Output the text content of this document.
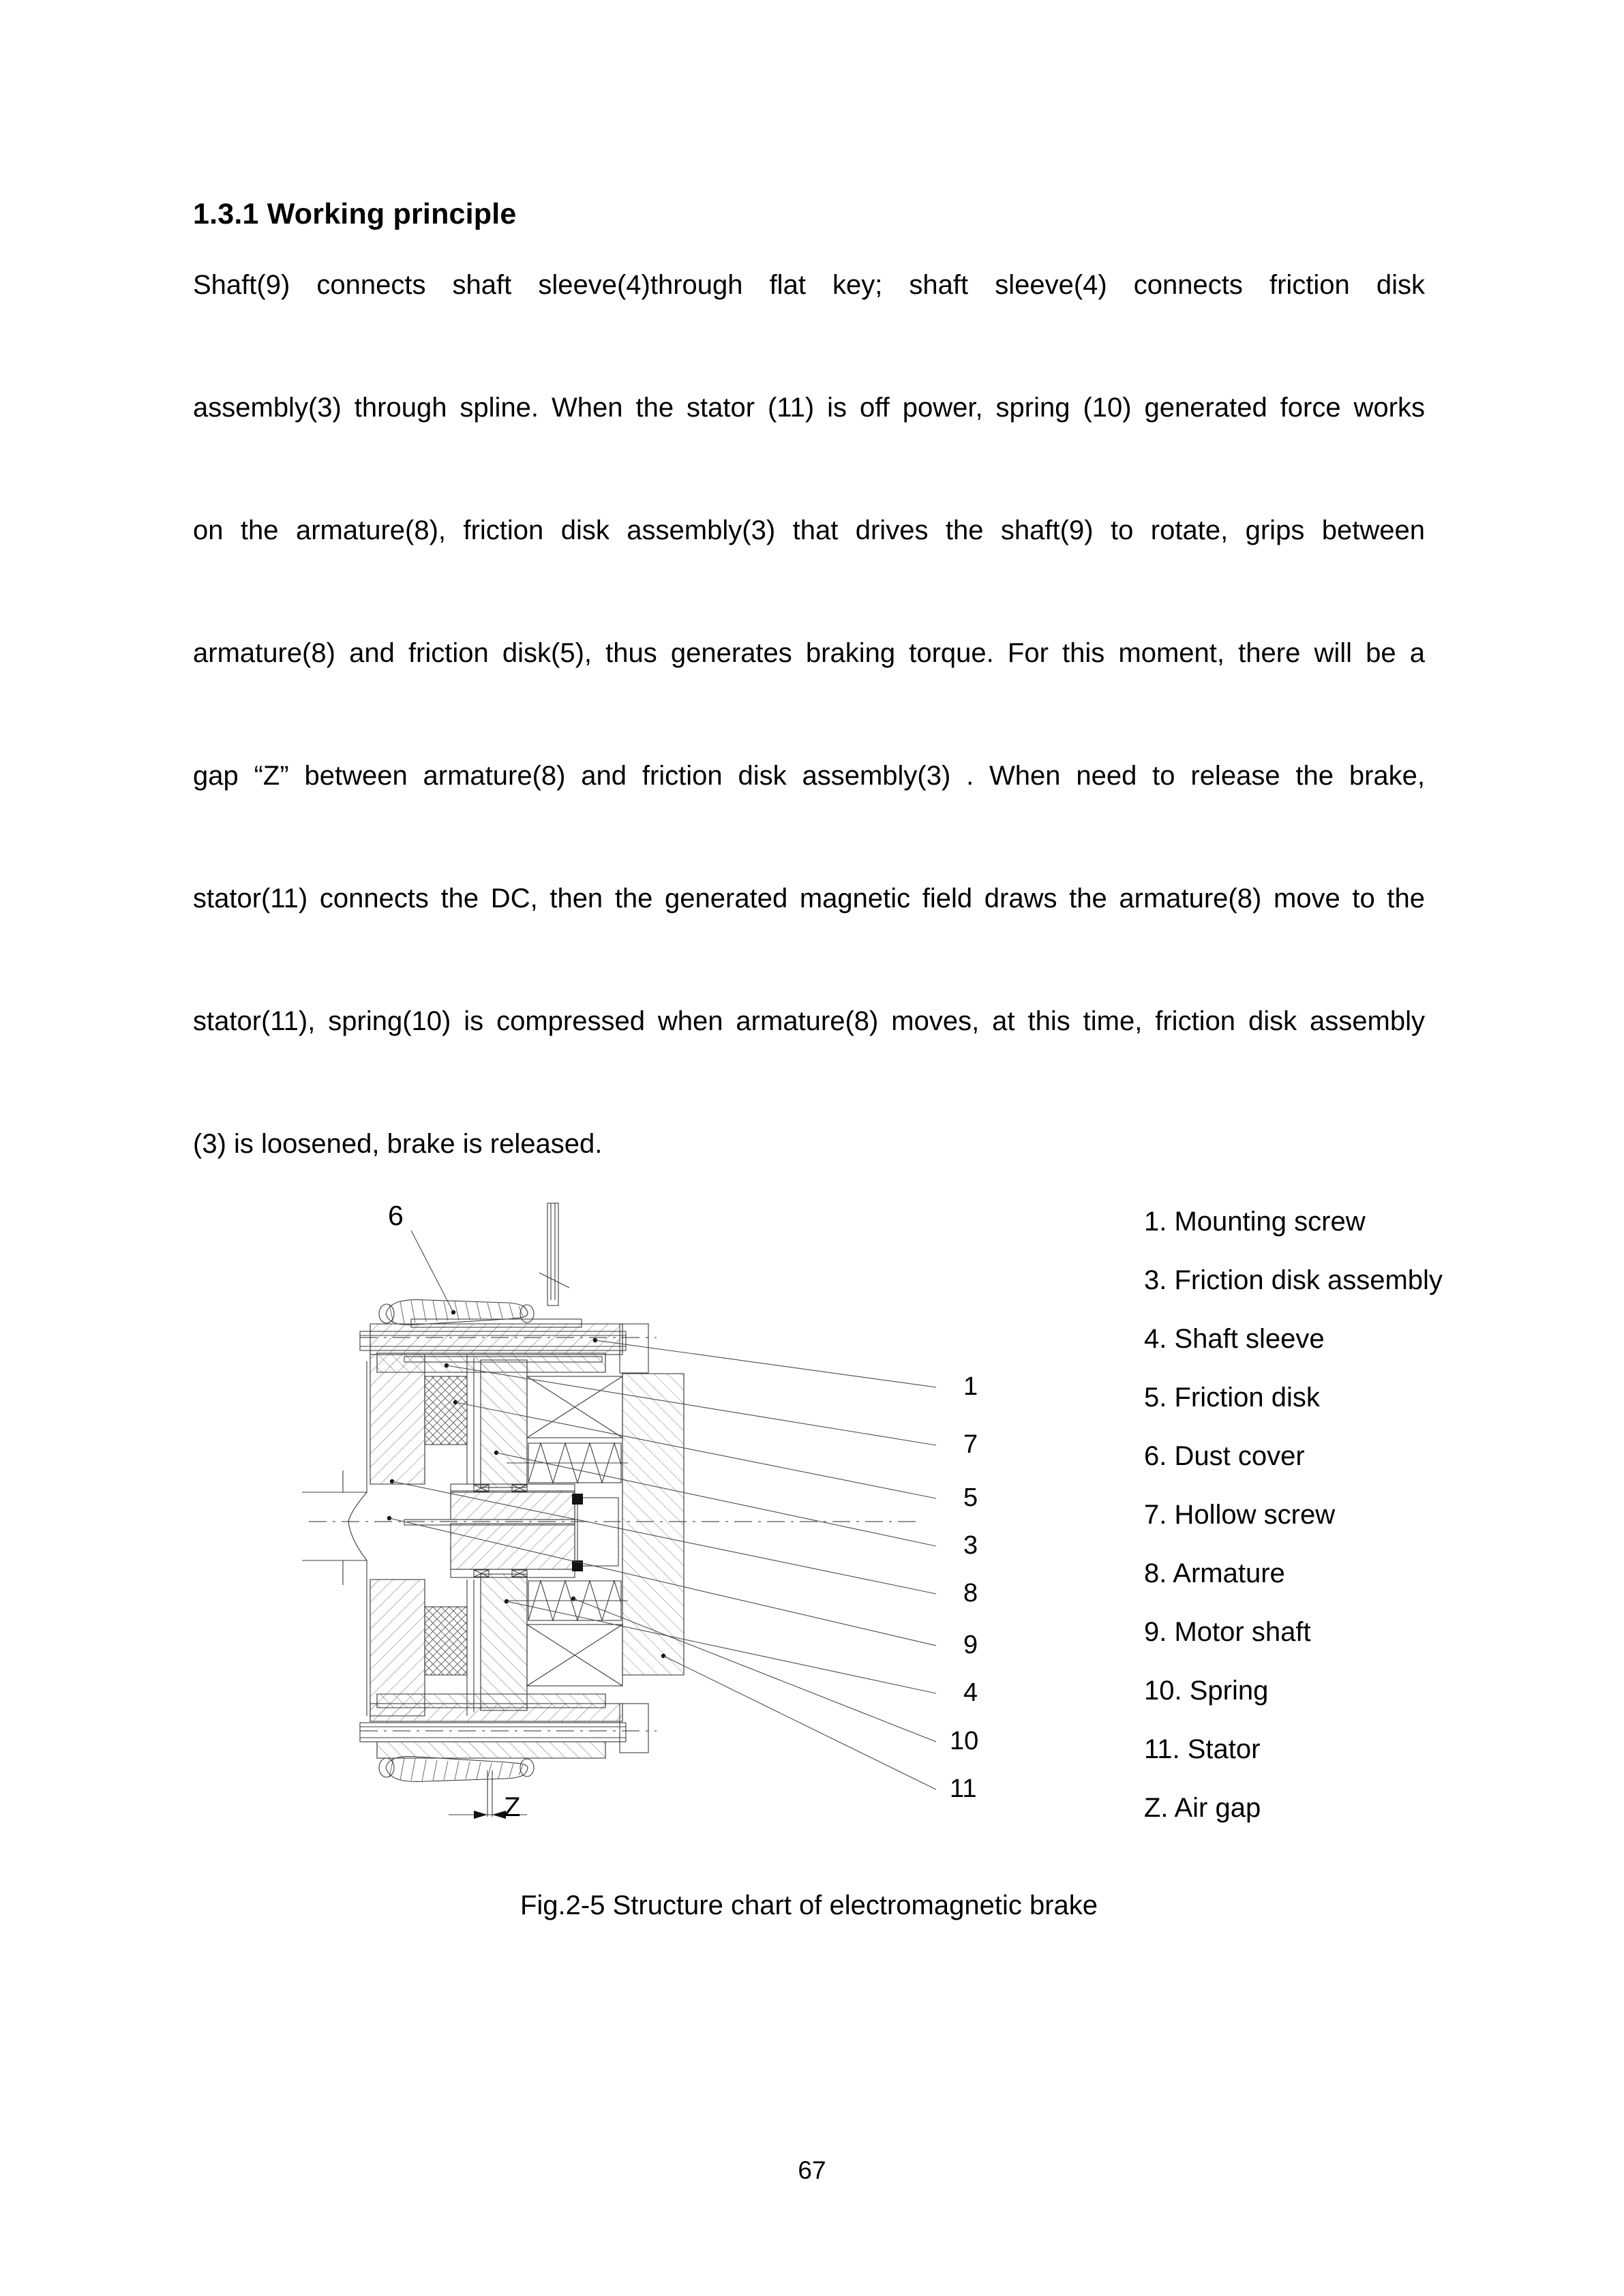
1.3.1 Working principle
Shaft(9) connects shaft sleeve(4)through flat key; shaft sleeve(4) connects friction disk
assembly(3) through spline. When the stator (11) is off power, spring (10) generated force works
on the armature(8), friction disk assembly(3) that drives the shaft(9) to rotate, grips between
armature(8) and friction disk(5), thus generates braking torque. For this moment, there will be a
gap “Z” between armature(8) and friction disk assembly(3) . When need to release the brake,
stator(11) connects the DC, then the generated magnetic field draws the armature(8) move to the
stator(11), spring(10) is compressed when armature(8) moves, at this time, friction disk assembly
(3) is loosened, brake is released.
6
Z
1
7
5
3
8
9
4
10
11
1. Mounting screw
3. Friction disk assembly
4. Shaft sleeve
5. Friction disk
6. Dust cover
7. Hollow screw
8. Armature
9. Motor shaft
10. Spring
11. Stator
Z. Air gap
Fig.2-5 Structure chart of electromagnetic brake
67
